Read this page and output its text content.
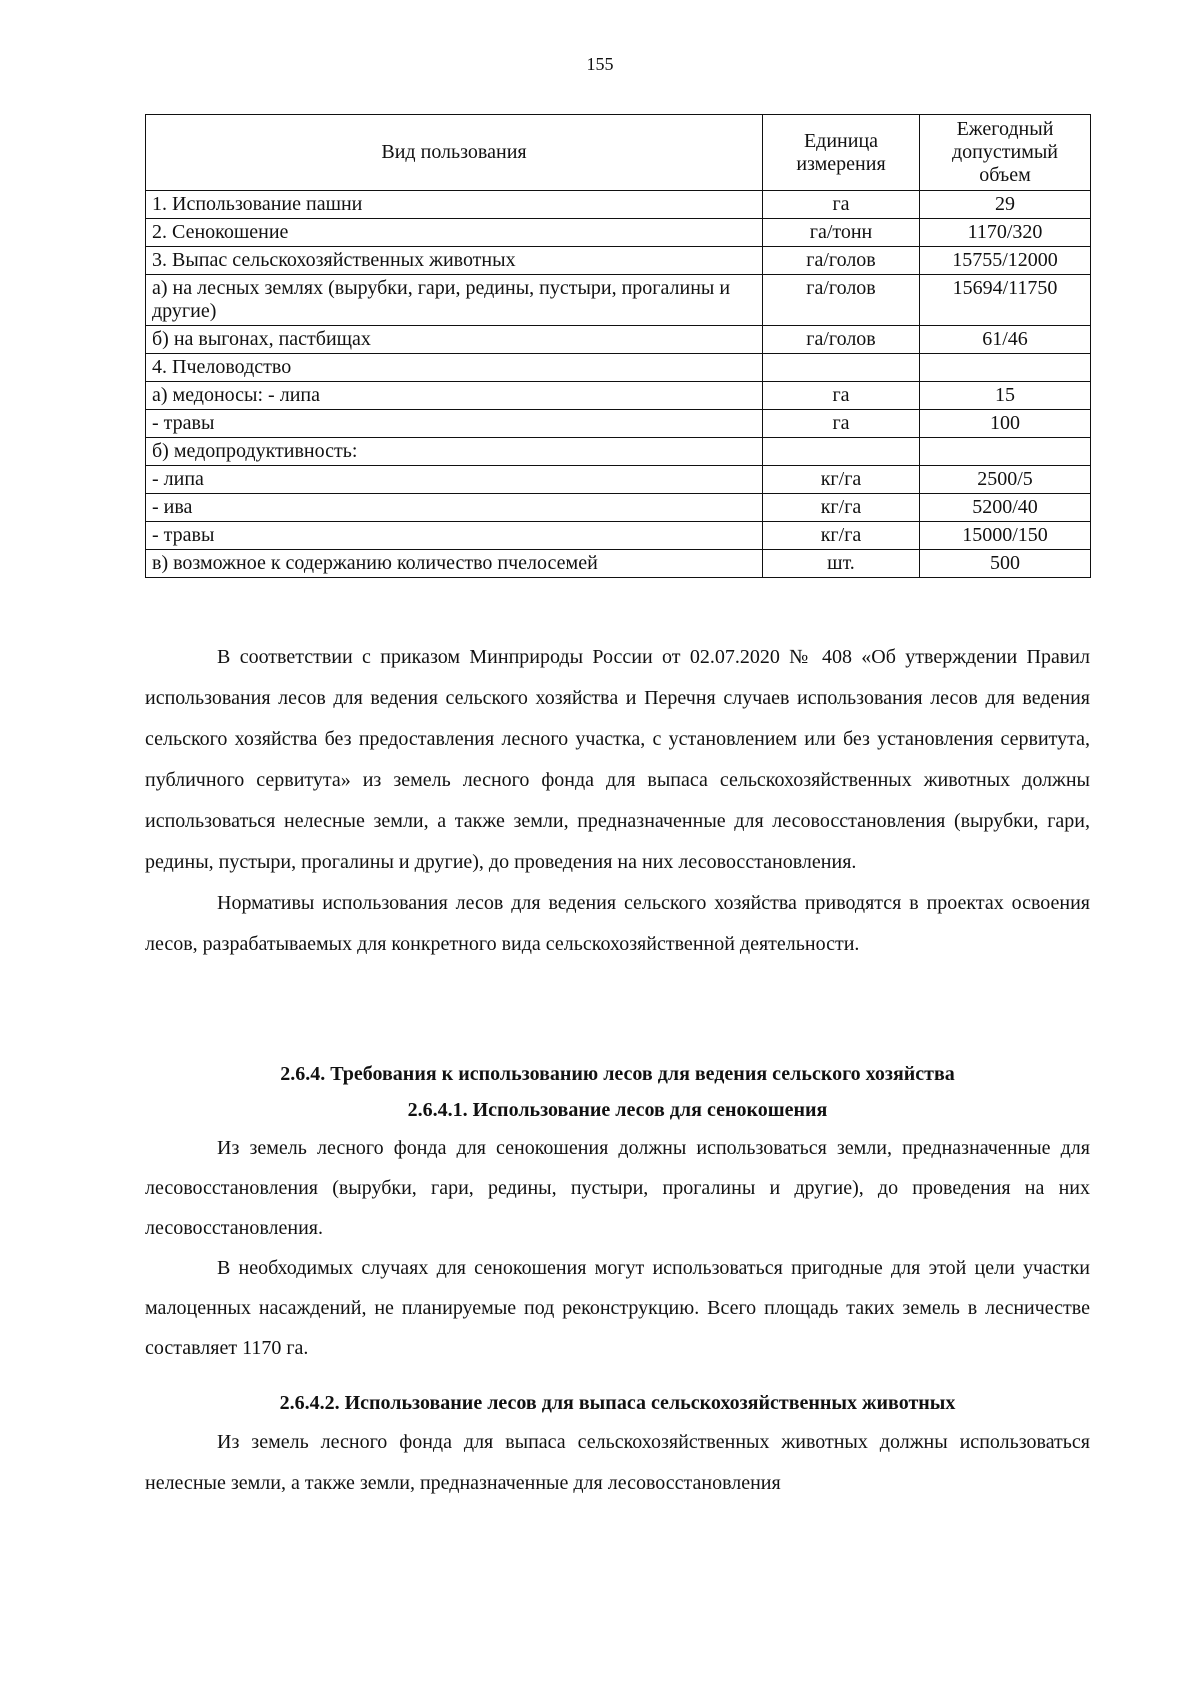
155
Вид пользования	Единица измерения	Ежегодный допустимый объем
1. Использование пашни	га	29
2. Сенокошение	га/тонн	1170/320
3. Выпас сельскохозяйственных животных	га/голов	15755/12000
а) на лесных землях (вырубки, гари, редины, пустыри, прогалины и другие)	га/голов	15694/11750
б) на выгонах, пастбищах	га/голов	61/46
4. Пчеловодство		
а) медоносы: - липа	га	15
- травы	га	100
б) медопродуктивность:		
- липа	кг/га	2500/5
- ива	кг/га	5200/40
- травы	кг/га	15000/150
в) возможное к содержанию количество пчелосемей	шт.	500

В соответствии с приказом Минприроды России от 02.07.2020 № 408 «Об утверждении Правил использования лесов для ведения сельского хозяйства и Перечня случаев использования лесов для ведения сельского хозяйства без предоставления лесного участка, с установлением или без установления сервитута, публичного сервитута» из земель лесного фонда для выпаса сельскохозяйственных животных должны использоваться нелесные земли, а также земли, предназначенные для лесовосстановления (вырубки, гари, редины, пустыри, прогалины и другие), до проведения на них лесовосстановления.

Нормативы использования лесов для ведения сельского хозяйства приводятся в проектах освоения лесов, разрабатываемых для конкретного вида сельскохозяйственной деятельности.

2.6.4. Требования к использованию лесов для ведения сельского хозяйства

2.6.4.1. Использование лесов для сенокошения

Из земель лесного фонда для сенокошения должны использоваться земли, предназначенные для лесовосстановления (вырубки, гари, редины, пустыри, прогалины и другие), до проведения на них лесовосстановления.

В необходимых случаях для сенокошения могут использоваться пригодные для этой цели участки малоценных насаждений, не планируемые под реконструкцию. Всего площадь таких земель в лесничестве составляет 1170 га.

2.6.4.2. Использование лесов для выпаса сельскохозяйственных животных

Из земель лесного фонда для выпаса сельскохозяйственных животных должны использоваться нелесные земли, а также земли, предназначенные для лесовосстановления
